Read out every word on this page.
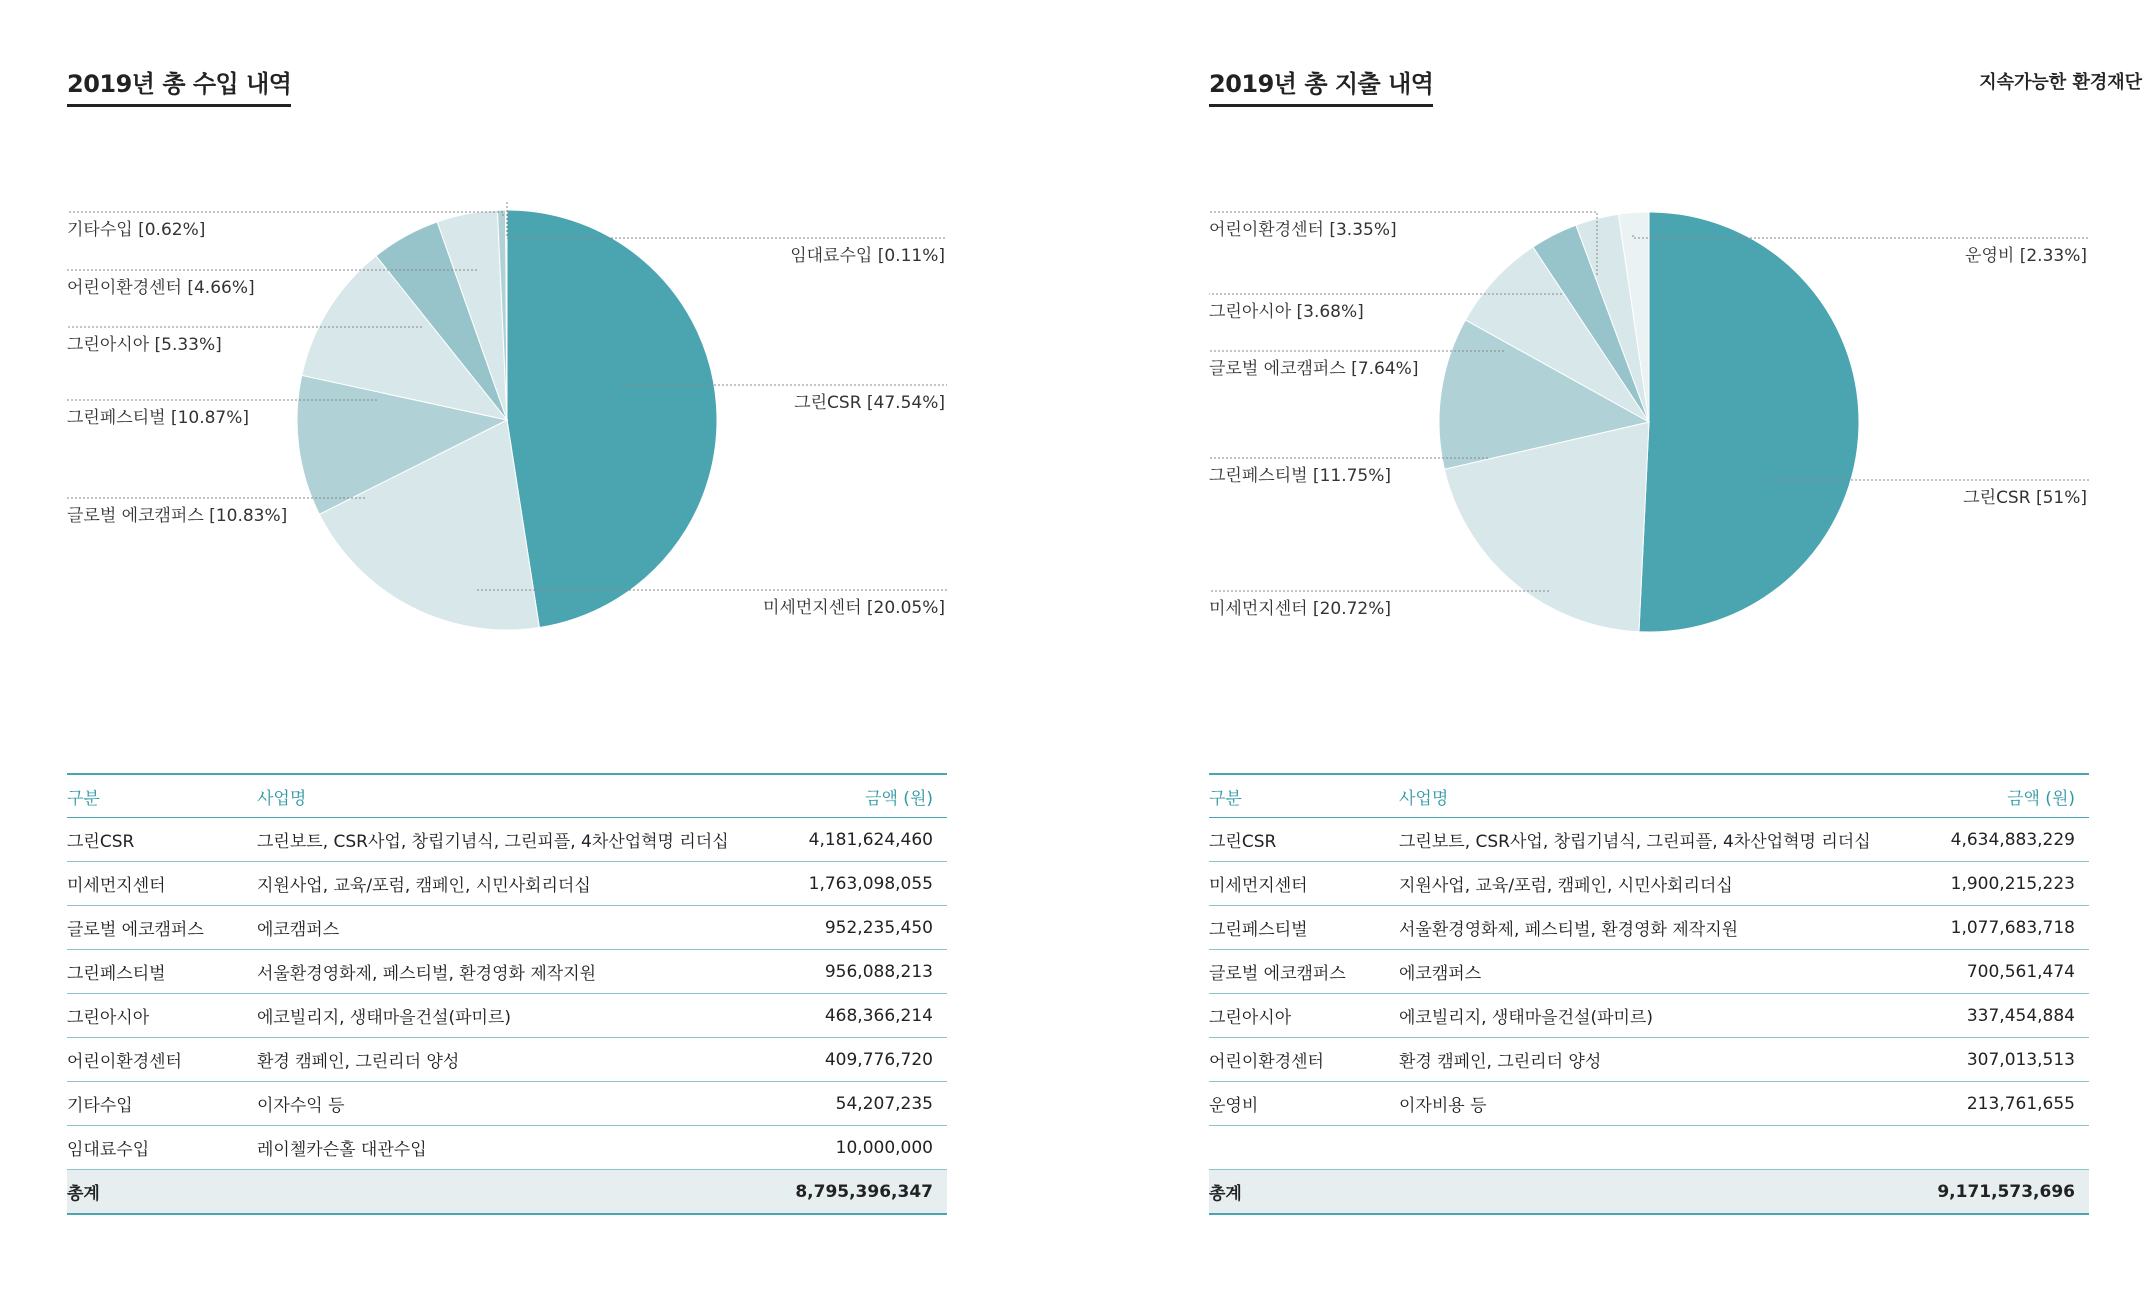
2019년 총 수입 내역
그린CSR [47.54%]
미세먼지센터 [20.05%]
글로벌 에코캠퍼스 [10.83%]
그린페스티벌 [10.87%]
그린아시아 [5.33%]
어린이환경센터 [4.66%]
기타수입 [0.62%]
임대료수입 [0.11%]
구분	사업명	금액 (원)
그린CSR	그린보트, CSR사업, 창립기념식, 그린피플, 4차산업혁명 리더십	4,181,624,460
미세먼지센터	지원사업, 교육/포럼, 캠페인, 시민사회리더십	1,763,098,055
글로벌 에코캠퍼스	에코캠퍼스	952,235,450
그린페스티벌	서울환경영화제, 페스티벌, 환경영화 제작지원	956,088,213
그린아시아	에코빌리지, 생태마을건설(파미르)	468,366,214
어린이환경센터	환경 캠페인, 그린리더 양성	409,776,720
기타수입	이자수익 등	54,207,235
임대료수입	레이첼카슨홀 대관수입	10,000,000
총계		8,795,396,347
2019년 총 지출 내역	지속가능한 환경재단
그린CSR [51%]
미세먼지센터 [20.72%]
그린페스티벌 [11.75%]
글로벌 에코캠퍼스 [7.64%]
그린아시아 [3.68%]
어린이환경센터 [3.35%]
운영비 [2.33%]
구분	사업명	금액 (원)
그린CSR	그린보트, CSR사업, 창립기념식, 그린피플, 4차산업혁명 리더십	4,634,883,229
미세먼지센터	지원사업, 교육/포럼, 캠페인, 시민사회리더십	1,900,215,223
그린페스티벌	서울환경영화제, 페스티벌, 환경영화 제작지원	1,077,683,718
글로벌 에코캠퍼스	에코캠퍼스	700,561,474
그린아시아	에코빌리지, 생태마을건설(파미르)	337,454,884
어린이환경센터	환경 캠페인, 그린리더 양성	307,013,513
운영비	이자비용 등	213,761,655

총계		9,171,573,696
